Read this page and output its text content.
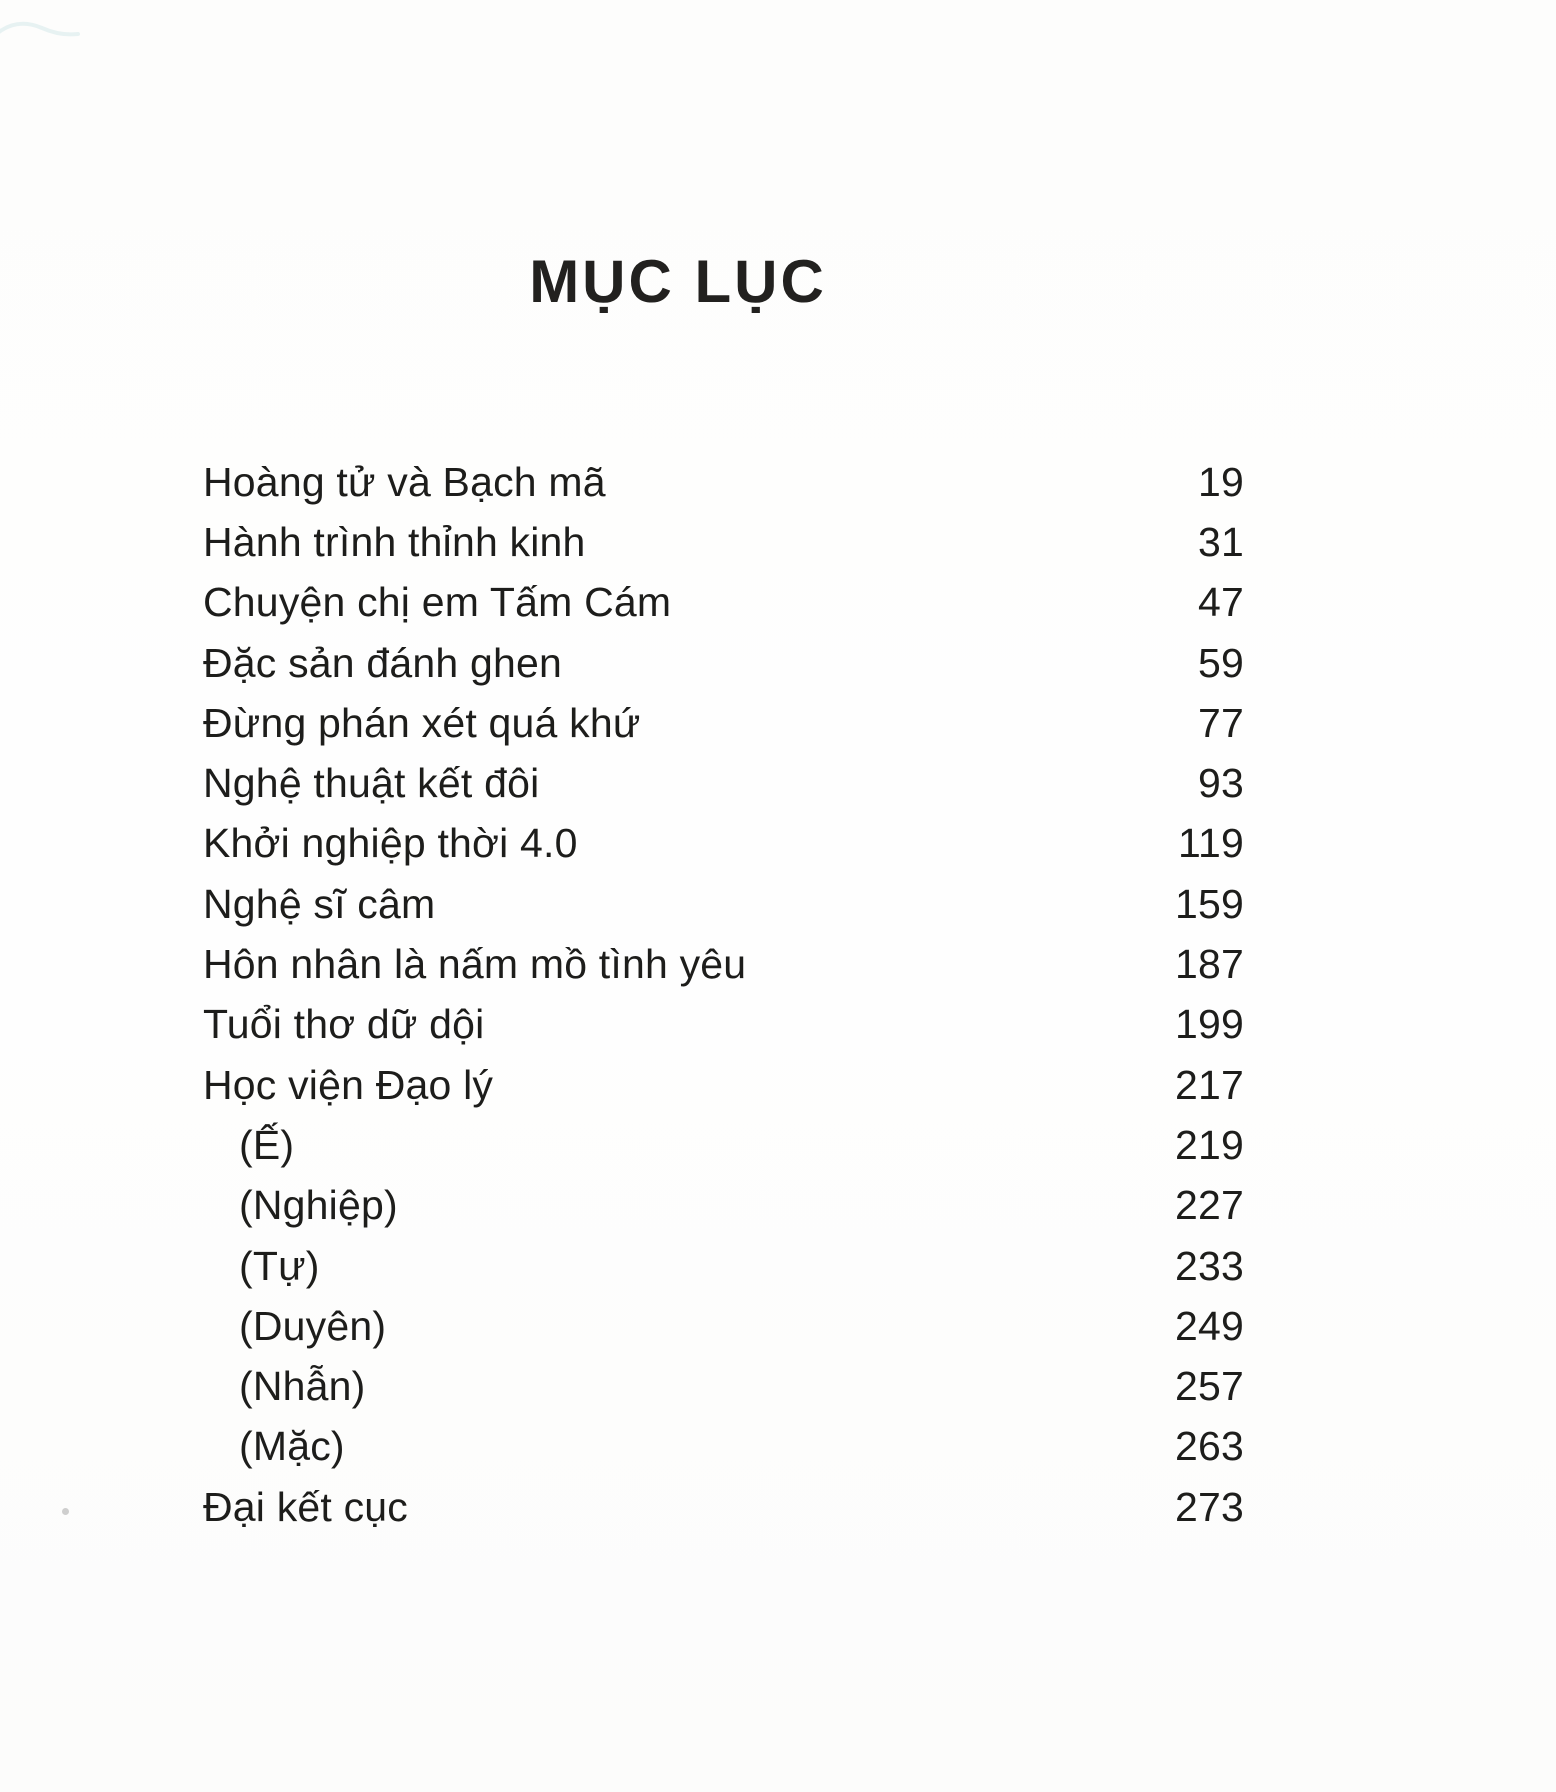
MỤC LỤC
Hoàng tử và Bạch mã	19
Hành trình thỉnh kinh	31
Chuyện chị em Tấm Cám	47
Đặc sản đánh ghen	59
Đừng phán xét quá khứ	77
Nghệ thuật kết đôi	93
Khởi nghiệp thời 4.0	119
Nghệ sĩ câm	159
Hôn nhân là nấm mồ tình yêu	187
Tuổi thơ dữ dội	199
Học viện Đạo lý	217
(Ế)	219
(Nghiệp)	227
(Tự)	233
(Duyên)	249
(Nhẫn)	257
(Mặc)	263
Đại kết cục	273
